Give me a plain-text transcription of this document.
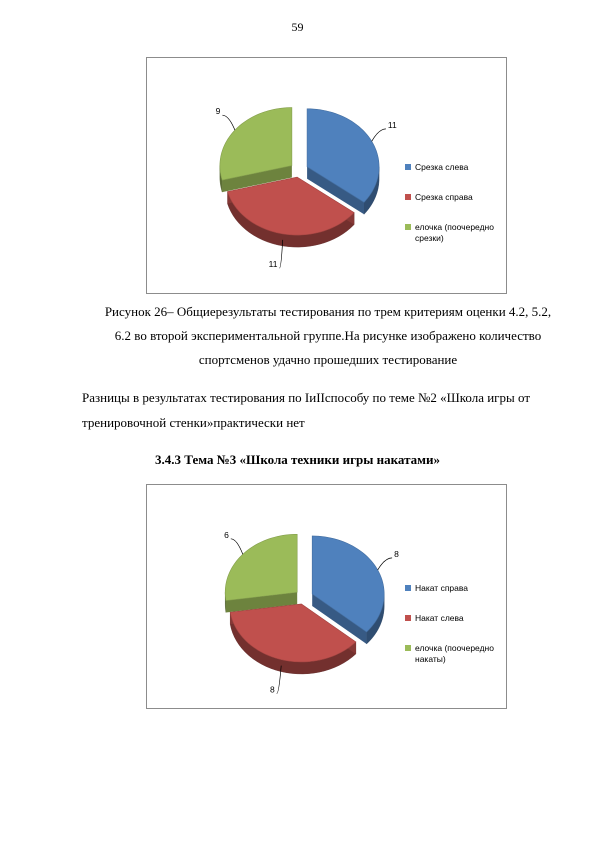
59
11
11
9
Срезка слева
Срезка справа
елочка (поочередно срезки)
Рисунок 26– Общиерезультаты тестирования по трем критериям оценки 4.2, 5.2,
6.2 во второй экспериментальной группе.На рисунке изображено количество
спортсменов удачно прошедших тестирование
Разницы в результатах тестирования по ІиІІспособу по теме №2 «Школа игры от
тренировочной стенки»практически нет
3.4.3 Тема №3 «Школа техники игры накатами»
8
8
6
Накат справа
Накат слева
елочка (поочередно накаты)
